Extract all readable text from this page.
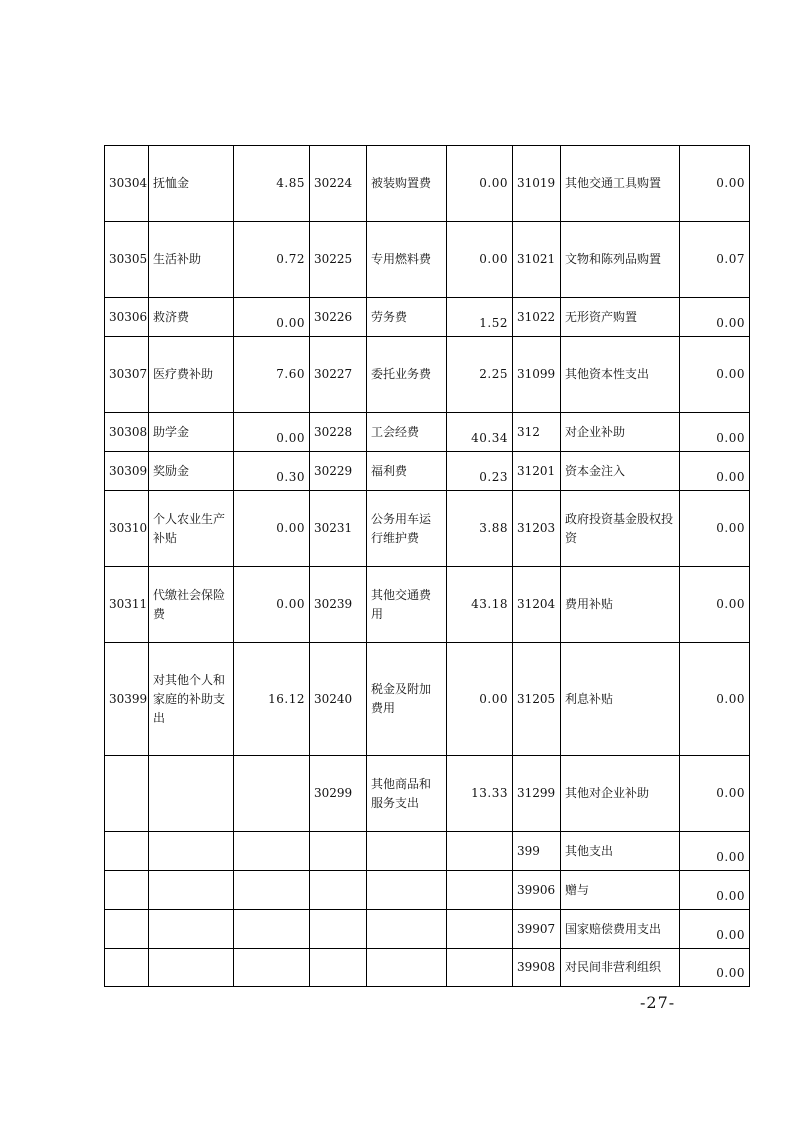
30304	抚恤金	4.85	30224	被装购置费	0.00	31019	其他交通工具购置	0.00
30305	生活补助	0.72	30225	专用燃料费	0.00	31021	文物和陈列品购置	0.07
30306	救济费	0.00	30226	劳务费	1.52	31022	无形资产购置	0.00
30307	医疗费补助	7.60	30227	委托业务费	2.25	31099	其他资本性支出	0.00
30308	助学金	0.00	30228	工会经费	40.34	312	对企业补助	0.00
30309	奖励金	0.30	30229	福利费	0.23	31201	资本金注入	0.00
30310	个人农业生产补贴	0.00	30231	公务用车运行维护费	3.88	31203	政府投资基金股权投资	0.00
30311	代缴社会保险费	0.00	30239	其他交通费用	43.18	31204	费用补贴	0.00
30399	对其他个人和家庭的补助支出	16.12	30240	税金及附加费用	0.00	31205	利息补贴	0.00
			30299	其他商品和服务支出	13.33	31299	其他对企业补助	0.00
						399	其他支出	0.00
						39906	赠与	0.00
						39907	国家赔偿费用支出	0.00
						39908	对民间非营利组织	0.00
-27-
